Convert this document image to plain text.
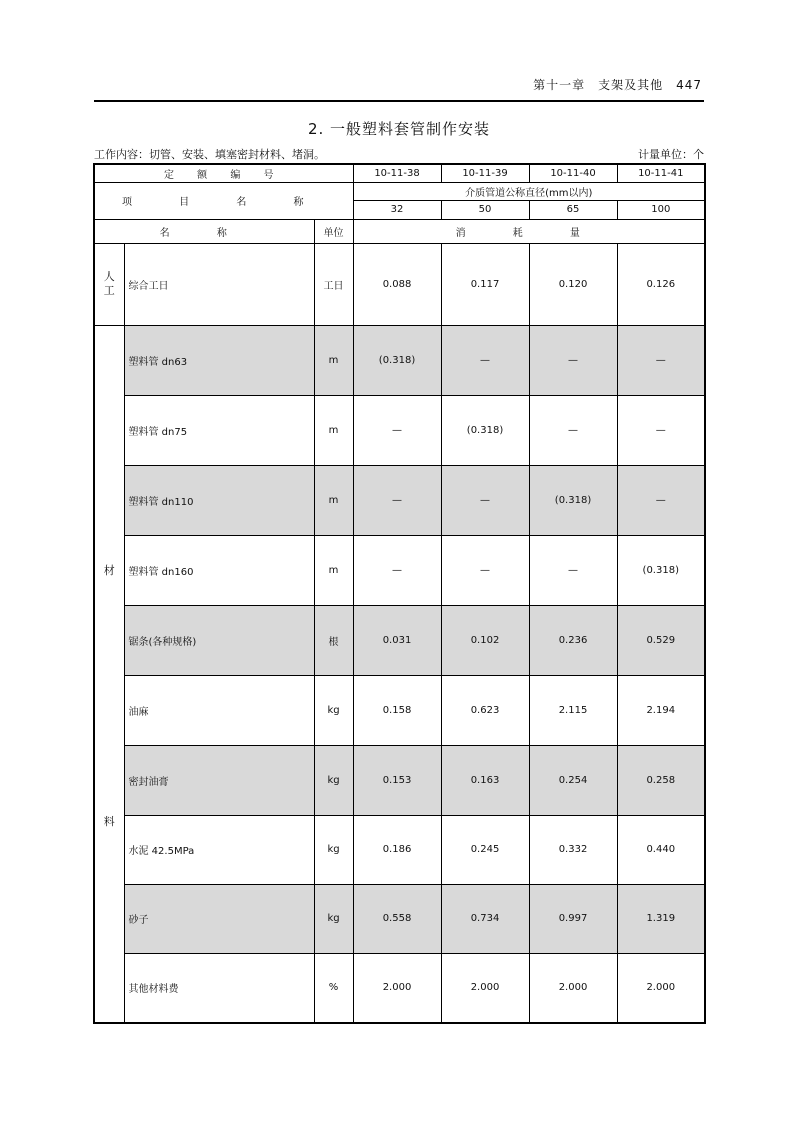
第十一章　支架及其他　447
2. 一般塑料套管制作安装
工作内容：切管、安装、填塞密封材料、堵洞。	计量单位：个
定 额 编 号			10-11-38	10-11-39	10-11-40	10-11-41
项 目 名 称			介质管道公称直径(mm以内)			
			32	50	65	100
名 称		单位	消 耗 量			
人工	综合工日	工日	0.088	0.117	0.120	0.126

材
料	塑料管 dn63	m	(0.318)	—	—	—
	塑料管 dn75	m	—	(0.318)	—	—
	塑料管 dn110	m	—	—	(0.318)	—
	塑料管 dn160	m	—	—	—	(0.318)
	锯条(各种规格)	根	0.031	0.102	0.236	0.529
	油麻	kg	0.158	0.623	2.115	2.194
	密封油膏	kg	0.153	0.163	0.254	0.258
	水泥 42.5MPa	kg	0.186	0.245	0.332	0.440
	砂子	kg	0.558	0.734	0.997	1.319
	其他材料费	%	2.000	2.000	2.000	2.000
